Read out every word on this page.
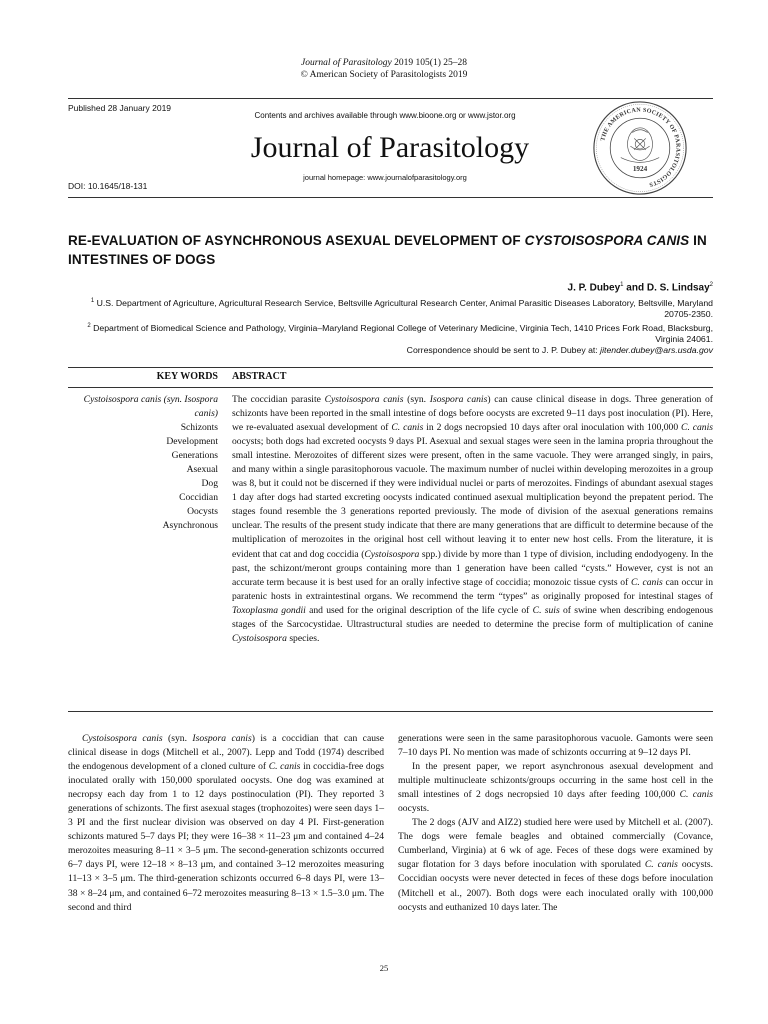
Journal of Parasitology 2019 105(1) 25–28
© American Society of Parasitologists 2019
Published 28 January 2019
DOI: 10.1645/18-131
Contents and archives available through www.bioone.org or www.jstor.org
Journal of Parasitology
journal homepage: www.journalofparasitology.org
THE AMERICAN SOCIETY OF PARASITOLOGISTS
1924
RE-EVALUATION OF ASYNCHRONOUS ASEXUAL DEVELOPMENT OF CYSTOISOSPORA CANIS IN INTESTINES OF DOGS
J. P. Dubey$^1$ and D. S. Lindsay$^2$
$^1$ U.S. Department of Agriculture, Agricultural Research Service, Beltsville Agricultural Research Center, Animal Parasitic Diseases Laboratory, Beltsville, Maryland 20705-2350.
$^2$ Department of Biomedical Science and Pathology, Virginia–Maryland Regional College of Veterinary Medicine, Virginia Tech, 1410 Prices Fork Road, Blacksburg, Virginia 24061.
Correspondence should be sent to J. P. Dubey at: jitender.dubey@ars.usda.gov
KEY WORDS ABSTRACT
Cystoisospora canis (syn. Isospora canis)
Schizonts
Development
Generations
Asexual
Dog
Coccidian
Oocysts
Asynchronous
The coccidian parasite Cystoisospora canis (syn. Isospora canis) can cause clinical disease in dogs. Three generation of schizonts have been reported in the small intestine of dogs before oocysts are excreted 9–11 days post inoculation (PI). Here, we re-evaluated asexual development of C. canis in 2 dogs necropsied 10 days after oral inoculation with 100,000 C. canis oocysts; both dogs had excreted oocysts 9 days PI. Asexual and sexual stages were seen in the lamina propria throughout the small intestine. Merozoites of different sizes were present, often in the same vacuole. They were arranged singly, in pairs, and many within a single parasitophorous vacuole. The maximum number of nuclei within developing merozoites in a group was 8, but it could not be discerned if they were individual nuclei or parts of merozoites. Findings of abundant asexual stages 1 day after dogs had started excreting oocysts indicated continued asexual multiplication beyond the prepatent period. The stages found resemble the 3 generations reported previously. The mode of division of the asexual generations remains unclear. The results of the present study indicate that there are many generations that are difficult to determine because of the multiplication of merozoites in the original host cell without leaving it to enter new host cells. From the literature, it is evident that cat and dog coccidia (Cystoisospora spp.) divide by more than 1 type of division, including endodyogeny. In the past, the schizont/meront groups containing more than 1 generation have been called “cysts.” However, cyst is not an accurate term because it is best used for an orally infective stage of coccidia; monozoic tissue cysts of C. canis can occur in paratenic hosts in extraintestinal organs. We recommend the term “types” as originally proposed for intestinal stages of Toxoplasma gondii and used for the original description of the life cycle of C. suis of swine when describing endogenous stages of the Sarcocystidae. Ultrastructural studies are needed to determine the precise form of multiplication of canine Cystoisospora species.

Cystoisospora canis (syn. Isospora canis) is a coccidian that can cause clinical disease in dogs (Mitchell et al., 2007). Lepp and Todd (1974) described the endogenous development of a cloned culture of C. canis in coccidia-free dogs inoculated orally with 150,000 sporulated oocysts. One dog was examined at necropsy each day from 1 to 12 days postinoculation (PI). They reported 3 generations of schizonts. The first asexual stages (trophozoites) were seen days 1–3 PI and the first nuclear division was observed on day 4 PI. First-generation schizonts matured 5–7 days PI; they were 16–38 × 11–23 μm and contained 4–24 merozoites measuring 8–11 × 3–5 μm. The second-generation schizonts occurred 6–7 days PI, were 12–18 × 8–13 μm, and contained 3–12 merozoites measuring 11–13 × 3–5 μm. The third-generation schizonts occurred 6–8 days PI, were 13–38 × 8–24 μm, and contained 6–72 merozoites measuring 8–13 × 1.5–3.0 μm. The second and third

generations were seen in the same parasitophorous vacuole. Gamonts were seen 7–10 days PI. No mention was made of schizonts occurring at 9–12 days PI.

In the present paper, we report asynchronous asexual development and multiple multinucleate schizonts/groups occurring in the same host cell in the small intestines of 2 dogs necropsied 10 days after feeding 100,000 C. canis oocysts.

The 2 dogs (AJV and AIZ2) studied here were used by Mitchell et al. (2007). The dogs were female beagles and obtained commercially (Covance, Cumberland, Virginia) at 6 wk of age. Feces of these dogs were examined by sugar flotation for 3 days before inoculation with sporulated C. canis oocysts. Coccidian oocysts were never detected in feces of these dogs before inoculation (Mitchell et al., 2007). Both dogs were each inoculated orally with 100,000 oocysts and euthanized 10 days later. The

25
